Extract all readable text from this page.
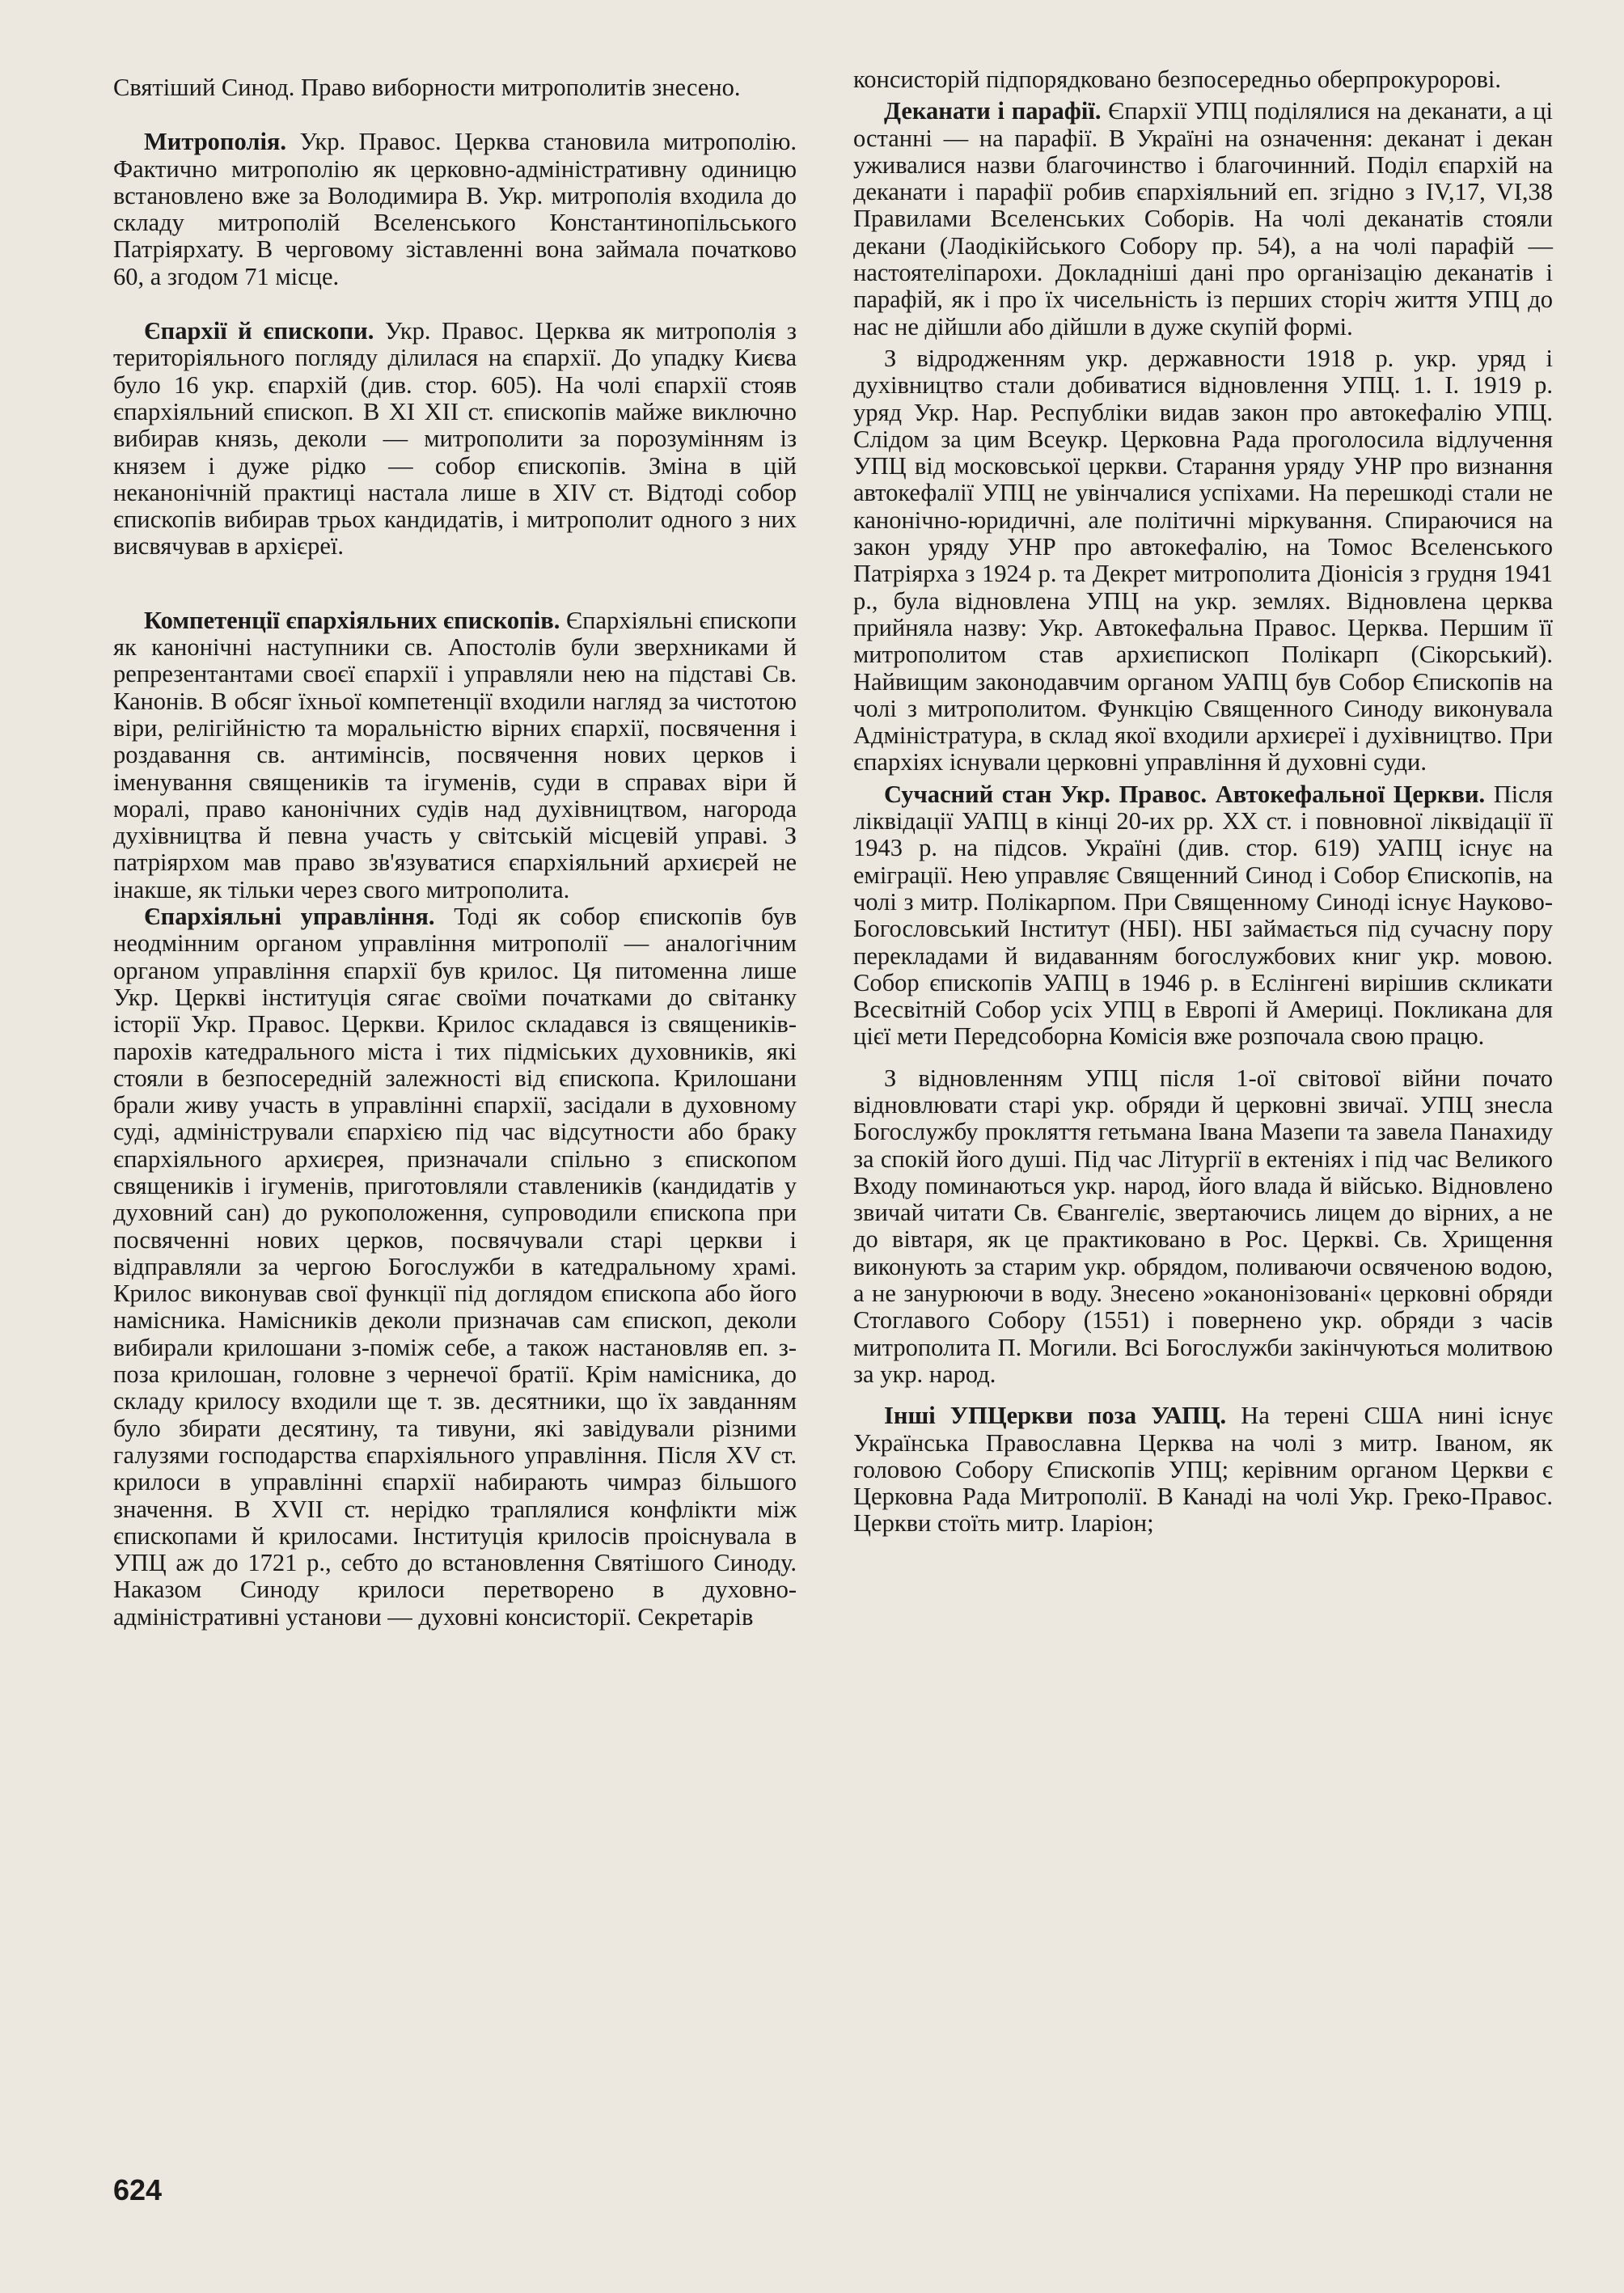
Святіший Синод. Право виборности митрополитів знесено.

Митрополія. Укр. Правос. Церква становила митрополію. Фактично митрополію як церковно-адміністративну одиницю встановлено вже за Володимира В. Укр. митрополія входила до складу митрополій Вселенського Константинопільського Патріярхату. В черговому зіставленні вона займала початково 60, а згодом 71 місце.

Єпархії й єпископи. Укр. Правос. Церква як митрополія з територіяльного погляду ділилася на єпархії. До упадку Києва було 16 укр. єпархій (див. стор. 605). На чолі єпархії стояв єпархіяльний єпископ. В XI XII ст. єпископів майже виключно вибирав князь, деколи — митрополити за порозумінням із князем і дуже рідко — собор єпископів. Зміна в цій неканонічній практиці настала лише в XIV ст. Відтоді собор єпископів вибирав трьох кандидатів, і митрополит одного з них висвячував в архієреї.

Компетенції єпархіяльних єпископів. Єпархіяльні єпископи як канонічні наступники св. Апостолів були зверхниками й репрезентантами своєї єпархії і управляли нею на підставі Св. Канонів. В обсяг їхньої компетенції входили нагляд за чистотою віри, релігійністю та моральністю вірних єпархії, посвячення і роздавання св. антимінсів, посвячення нових церков і іменування священиків та ігуменів, суди в справах віри й моралі, право канонічних судів над духівництвом, нагорода духівництва й певна участь у світській місцевій управі. З патріярхом мав право зв'язуватися єпархіяльний архиєрей не інакше, як тільки через свого митрополита.

Єпархіяльні управління. Тоді як собор єпископів був неодмінним органом управління митрополії — аналогічним органом управління єпархії був крилос. Ця питоменна лише Укр. Церкві інституція сягає своїми початками до світанку історії Укр. Правос. Церкви. Крилос складався із священиків-парохів катедрального міста і тих підміських духовників, які стояли в безпосередній залежності від єпископа. Крилошани брали живу участь в управлінні єпархії, засідали в духовному суді, адміністрували єпархією під час відсутности або браку єпархіяльного архиєрея, призначали спільно з єпископом священиків і ігуменів, приготовляли ставлеників (кандидатів у духовний сан) до рукоположення, супроводили єпископа при посвяченні нових церков, посвячували старі церкви і відправляли за чергою Богослужби в катедральному храмі. Крилос виконував свої функції під доглядом єпископа або його намісника. Намісників деколи призначав сам єпископ, деколи вибирали крилошани з-поміж себе, а також настановляв еп. з-поза крилошан, головне з чернечої братії. Крім намісника, до складу крилосу входили ще т. зв. десятники, що їх завданням було збирати десятину, та тивуни, які завідували різними галузями господарства єпархіяльного управління. Після XV ст. крилоси в управлінні єпархії набирають чимраз більшого значення. В XVII ст. нерідко траплялися конфлікти між єпископами й крилосами. Інституція крилосів проіснувала в УПЦ аж до 1721 р., себто до встановлення Святішого Синоду. Наказом Синоду крилоси перетворено в духовно-адміністративні установи — духовні консисторії. Секретарів

консисторій підпорядковано безпосередньо оберпрокуророві.

Деканати і парафії. Єпархії УПЦ поділялися на деканати, а ці останні — на парафії. В Україні на означення: деканат і декан уживалися назви благочинство і благочинний. Поділ єпархій на деканати і парафії робив єпархіяльний еп. згідно з IV,17, VI,38 Правилами Вселенських Соборів. На чолі деканатів стояли декани (Лаодікійського Собору пр. 54), а на чолі парафій — настоятеліпарохи. Докладніші дані про організацію деканатів і парафій, як і про їх чисельність із перших сторіч життя УПЦ до нас не дійшли або дійшли в дуже скупій формі.

З відродженням укр. державности 1918 р. укр. уряд і духівництво стали добиватися відновлення УПЦ. 1. I. 1919 р. уряд Укр. Нар. Республіки видав закон про автокефалію УПЦ. Слідом за цим Всеукр. Церковна Рада проголосила відлучення УПЦ від московської церкви. Старання уряду УНР про визнання автокефалії УПЦ не увінчалися успіхами. На перешкоді стали не канонічно-юридичні, але політичні міркування. Спираючися на закон уряду УНР про автокефалію, на Томос Вселенського Патріярха з 1924 р. та Декрет митрополита Діонісія з грудня 1941 р., була відновлена УПЦ на укр. землях. Відновлена церква прийняла назву: Укр. Автокефальна Правос. Церква. Першим її митрополитом став архиєпископ Полікарп (Сікорський). Найвищим законодавчим органом УАПЦ був Собор Єпископів на чолі з митрополитом. Функцію Священного Синоду виконувала Адміністратура, в склад якої входили архиєреї і духівництво. При єпархіях існували церковні управління й духовні суди.

Сучасний стан Укр. Правос. Автокефальної Церкви. Після ліквідації УАПЦ в кінці 20-их рр. XX ст. і повновної ліквідації її 1943 р. на підсов. Україні (див. стор. 619) УАПЦ існує на еміграції. Нею управляє Священний Синод і Собор Єпископів, на чолі з митр. Полікарпом. При Священному Синоді існує Науково-Богословський Інститут (НБІ). НБІ займається під сучасну пору перекладами й видаванням богослужбових книг укр. мовою. Собор єпископів УАПЦ в 1946 р. в Еслінгені вирішив скликати Всесвітній Собор усіх УПЦ в Европі й Америці. Покликана для цієї мети Передсоборна Комісія вже розпочала свою працю.

З відновленням УПЦ після 1-ої світової війни почато відновлювати старі укр. обряди й церковні звичаї. УПЦ знесла Богослужбу прокляття гетьмана Івана Мазепи та завела Панахиду за спокій його душі. Під час Літургії в ектеніях і під час Великого Входу поминаються укр. народ, його влада й військо. Відновлено звичай читати Св. Євангеліє, звертаючись лицем до вірних, а не до вівтаря, як це практиковано в Рос. Церкві. Св. Хрищення виконують за старим укр. обрядом, поливаючи освяченою водою, а не занурюючи в воду. Знесено »оканонізовані« церковні обряди Стоглавого Собору (1551) і повернено укр. обряди з часів митрополита П. Могили. Всі Богослужби закінчуються молитвою за укр. народ.

Інші УПЦеркви поза УАПЦ. На терені США нині існує Українська Православна Церква на чолі з митр. Іваном, як головою Собору Єпископів УПЦ; керівним органом Церкви є Церковна Рада Митрополії. В Канаді на чолі Укр. Греко-Правос. Церкви стоїть митр. Іларіон;

624
